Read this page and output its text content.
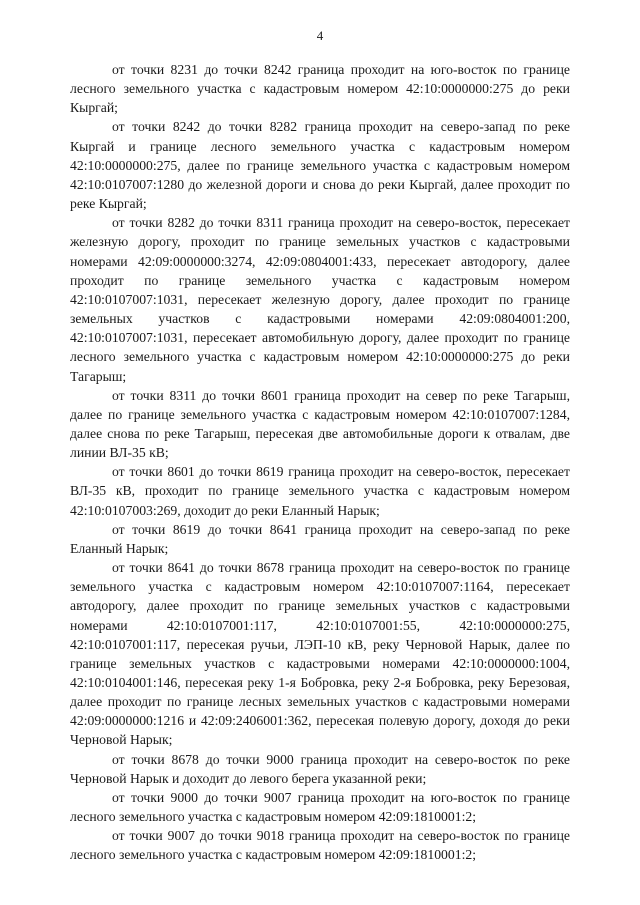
4

от точки 8231 до точки 8242 граница проходит на юго-восток по границе лесного земельного участка с кадастровым номером 42:10:0000000:275 до реки Кыргай;

от точки 8242 до точки 8282 граница проходит на северо-запад по реке Кыргай и границе лесного земельного участка с кадастровым номером 42:10:0000000:275, далее по границе земельного участка с кадастровым номером 42:10:0107007:1280 до железной дороги и снова до реки Кыргай, далее проходит по реке Кыргай;

от точки 8282 до точки 8311 граница проходит на северо-восток, пересекает железную дорогу, проходит по границе земельных участков с кадастровыми номерами 42:09:0000000:3274, 42:09:0804001:433, пересекает автодорогу, далее проходит по границе земельного участка с кадастровым номером 42:10:0107007:1031, пересекает железную дорогу, далее проходит по границе земельных участков с кадастровыми номерами 42:09:0804001:200, 42:10:0107007:1031, пересекает автомобильную дорогу, далее проходит по границе лесного земельного участка с кадастровым номером 42:10:0000000:275 до реки Тагарыш;

от точки 8311 до точки 8601 граница проходит на север по реке Тагарыш, далее по границе земельного участка с кадастровым номером 42:10:0107007:1284, далее снова по реке Тагарыш, пересекая две автомобильные дороги к отвалам, две линии ВЛ-35 кВ;

от точки 8601 до точки 8619 граница проходит на северо-восток, пересекает ВЛ-35 кВ, проходит по границе земельного участка с кадастровым номером 42:10:0107003:269, доходит до реки Еланный Нарык;

от точки 8619 до точки 8641 граница проходит на северо-запад по реке Еланный Нарык;

от точки 8641 до точки 8678 граница проходит на северо-восток по границе земельного участка с кадастровым номером 42:10:0107007:1164, пересекает автодорогу, далее проходит по границе земельных участков с кадастровыми номерами 42:10:0107001:117, 42:10:0107001:55, 42:10:0000000:275, 42:10:0107001:117, пересекая ручьи, ЛЭП-10 кВ, реку Черновой Нарык, далее по границе земельных участков с кадастровыми номерами 42:10:0000000:1004, 42:10:0104001:146, пересекая реку 1-я Бобровка, реку 2-я Бобровка, реку Березовая, далее проходит по границе лесных земельных участков с кадастровыми номерами 42:09:0000000:1216 и 42:09:2406001:362, пересекая полевую дорогу, доходя до реки Черновой Нарык;

от точки 8678 до точки 9000 граница проходит на северо-восток по реке Черновой Нарык и доходит до левого берега указанной реки;

от точки 9000 до точки 9007 граница проходит на юго-восток по границе лесного земельного участка с кадастровым номером 42:09:1810001:2;

от точки 9007 до точки 9018 граница проходит на северо-восток по границе лесного земельного участка с кадастровым номером 42:09:1810001:2;
